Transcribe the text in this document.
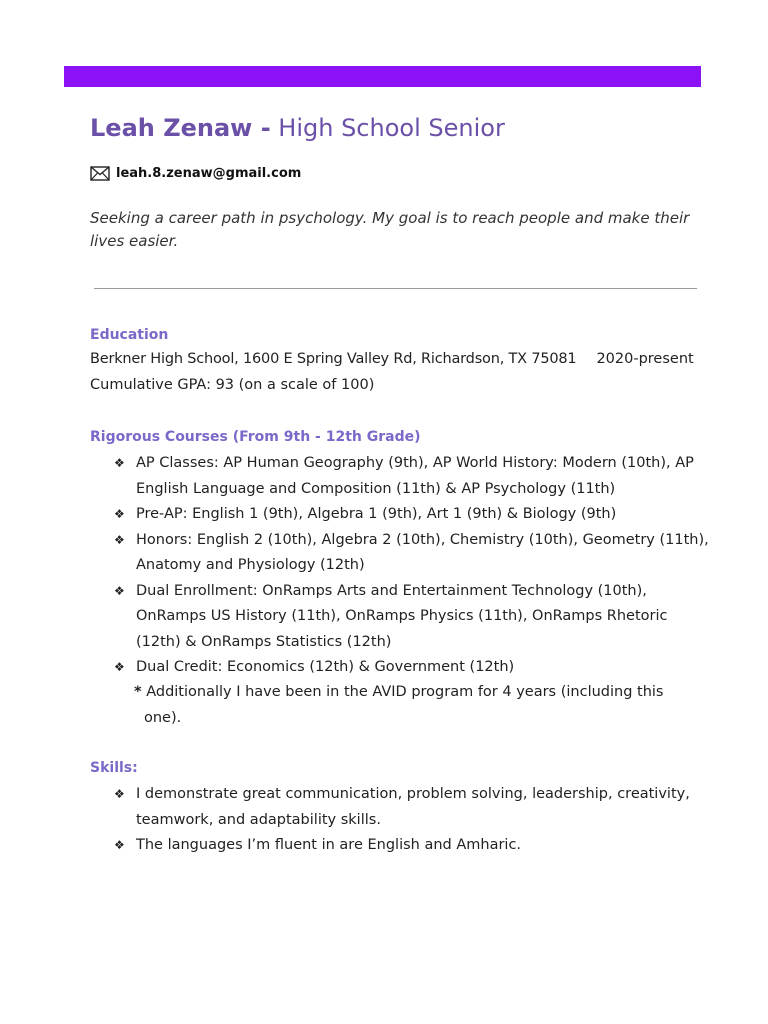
Leah Zenaw - High School Senior
leah.8.zenaw@gmail.com
Seeking a career path in psychology. My goal is to reach people and make their lives easier.
Education
Berkner High School, 1600 E Spring Valley Rd, Richardson, TX 75081 2020-present
Cumulative GPA: 93 (on a scale of 100)
Rigorous Courses (From 9th - 12th Grade)
❖ AP Classes: AP Human Geography (9th), AP World History: Modern (10th), AP English Language and Composition (11th) & AP Psychology (11th)
❖ Pre-AP: English 1 (9th), Algebra 1 (9th), Art 1 (9th) & Biology (9th)
❖ Honors: English 2 (10th), Algebra 2 (10th), Chemistry (10th), Geometry (11th), Anatomy and Physiology (12th)
❖ Dual Enrollment: OnRamps Arts and Entertainment Technology (10th), OnRamps US History (11th), OnRamps Physics (11th), OnRamps Rhetoric (12th) & OnRamps Statistics (12th)
❖ Dual Credit: Economics (12th) & Government (12th)
* Additionally I have been in the AVID program for 4 years (including this
one).
Skills:
❖ I demonstrate great communication, problem solving, leadership, creativity, teamwork, and adaptability skills.
❖ The languages I’m fluent in are English and Amharic.
